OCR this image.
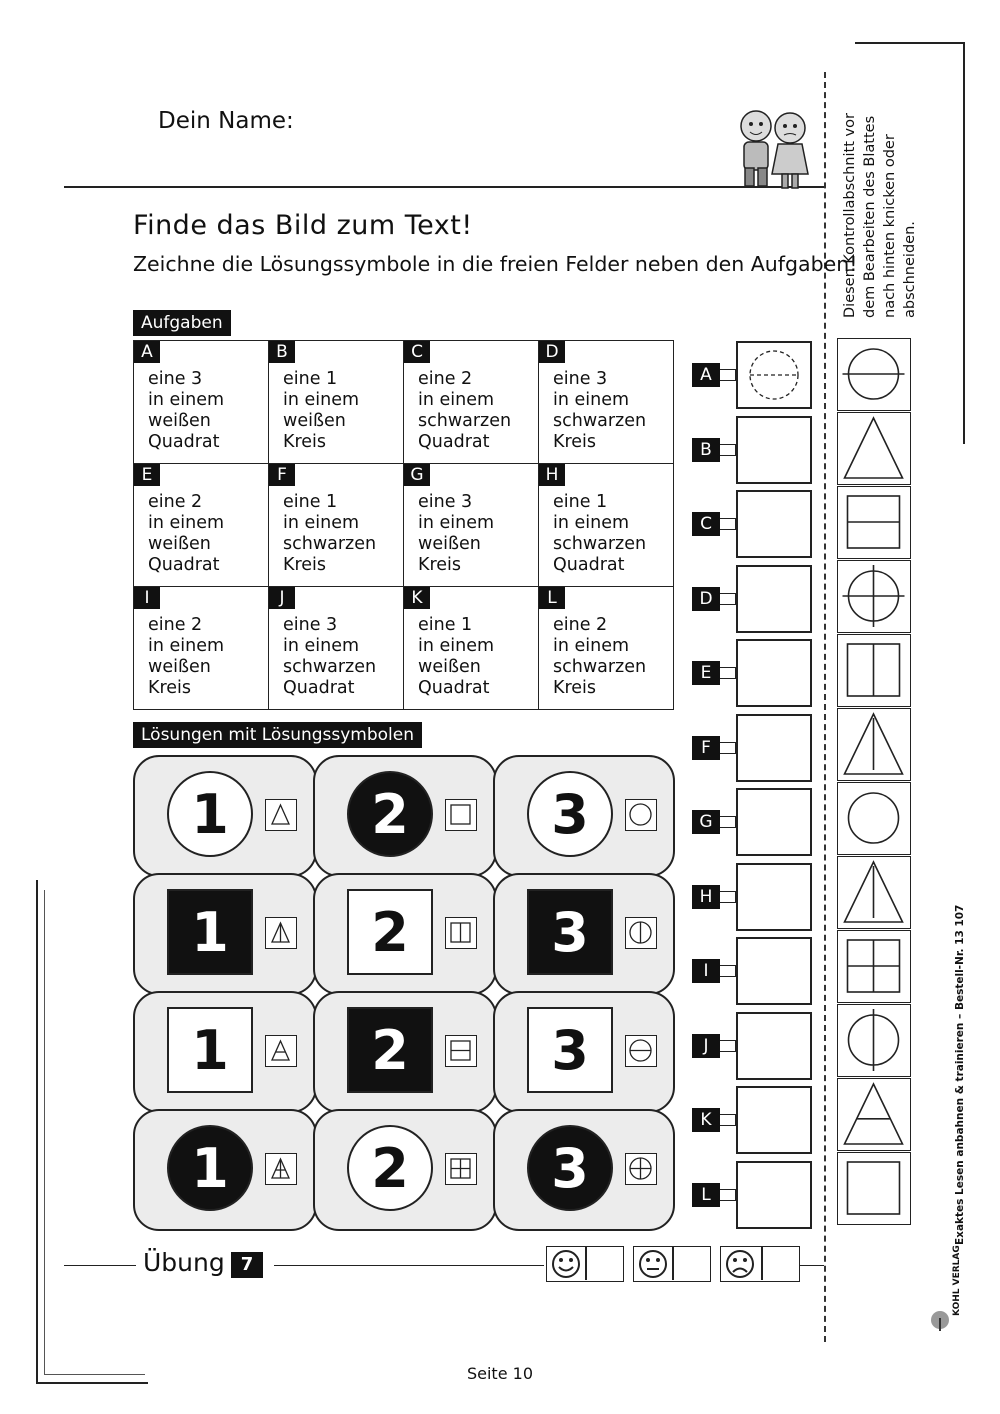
Dein Name:
Finde das Bild zum Text!
Zeichne die Lösungssymbole in die freien Felder neben den Aufgaben!
Aufgaben
A
eine 3
in einem
weißen
Quadrat	B
eine 1
in einem
weißen
Kreis	C
eine 2
in einem
schwarzen
Quadrat	D
eine 3
in einem
schwarzen
Kreis

E
eine 2
in einem
weißen
Quadrat	F
eine 1
in einem
schwarzen
Kreis	G
eine 3
in einem
weißen
Kreis	H
eine 1
in einem
schwarzen
Quadrat

I
eine 2
in einem
weißen
Kreis	J
eine 3
in einem
schwarzen
Quadrat	K
eine 1
in einem
weißen
Quadrat	L
eine 2
in einem
schwarzen
Kreis
Lösungen mit Lösungssymbolen
1	2	3
1	2	3
1	2	3
1	2	3
A
B
C
D
E
F
G
H
I
J
K
L
Diesen Kontrollabschnitt vor dem Bearbeiten des Blattes nach hinten knicken oder abschneiden.
Exaktes Lesen anbahnen & trainieren – Bestell-Nr. 13 107
KOHL VERLAG
Übung 7
Seite 10
